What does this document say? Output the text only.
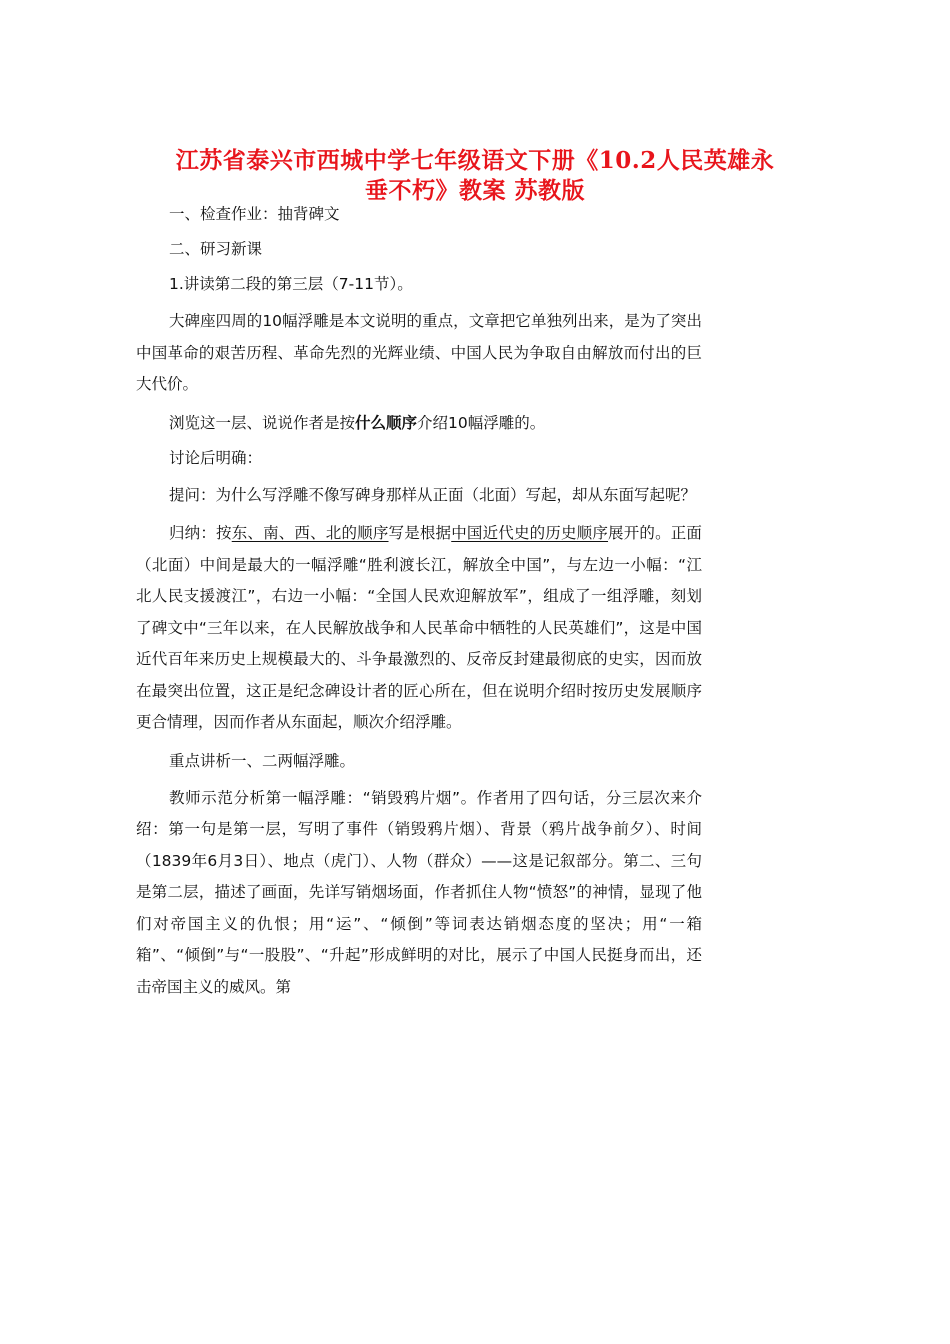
江苏省泰兴市西城中学七年级语文下册《10.2人民英雄永
垂不朽》教案 苏教版

一、检查作业：抽背碑文

二、研习新课

1.讲读第二段的第三层（7-11节）。

大碑座四周的10幅浮雕是本文说明的重点，文章把它单独列出来，是为了突出中国革命的艰苦历程、革命先烈的光辉业绩、中国人民为争取自由解放而付出的巨大代价。

浏览这一层、说说作者是按什么顺序介绍10幅浮雕的。

讨论后明确：

提问：为什么写浮雕不像写碑身那样从正面（北面）写起，却从东面写起呢？

归纳：按东、南、西、北的顺序写是根据中国近代史的历史顺序展开的。正面（北面）中间是最大的一幅浮雕“胜利渡长江，解放全中国”，与左边一小幅：“江北人民支援渡江”，右边一小幅：“全国人民欢迎解放军”，组成了一组浮雕，刻划了碑文中“三年以来，在人民解放战争和人民革命中牺牲的人民英雄们”，这是中国近代百年来历史上规模最大的、斗争最激烈的、反帝反封建最彻底的史实，因而放在最突出位置，这正是纪念碑设计者的匠心所在，但在说明介绍时按历史发展顺序更合情理，因而作者从东面起，顺次介绍浮雕。

重点讲析一、二两幅浮雕。

教师示范分析第一幅浮雕：“销毁鸦片烟”。作者用了四句话，分三层次来介绍：第一句是第一层，写明了事件（销毁鸦片烟）、背景（鸦片战争前夕）、时间（1839年6月3日）、地点（虎门）、人物（群众）——这是记叙部分。第二、三句是第二层，描述了画面，先详写销烟场面，作者抓住人物“愤怒”的神情，显现了他们对帝国主义的仇恨；用“运”、“倾倒”等词表达销烟态度的坚决；用“一箱箱”、“倾倒”与“一股股”、“升起”形成鲜明的对比，展示了中国人民挺身而出，还击帝国主义的威风。第
